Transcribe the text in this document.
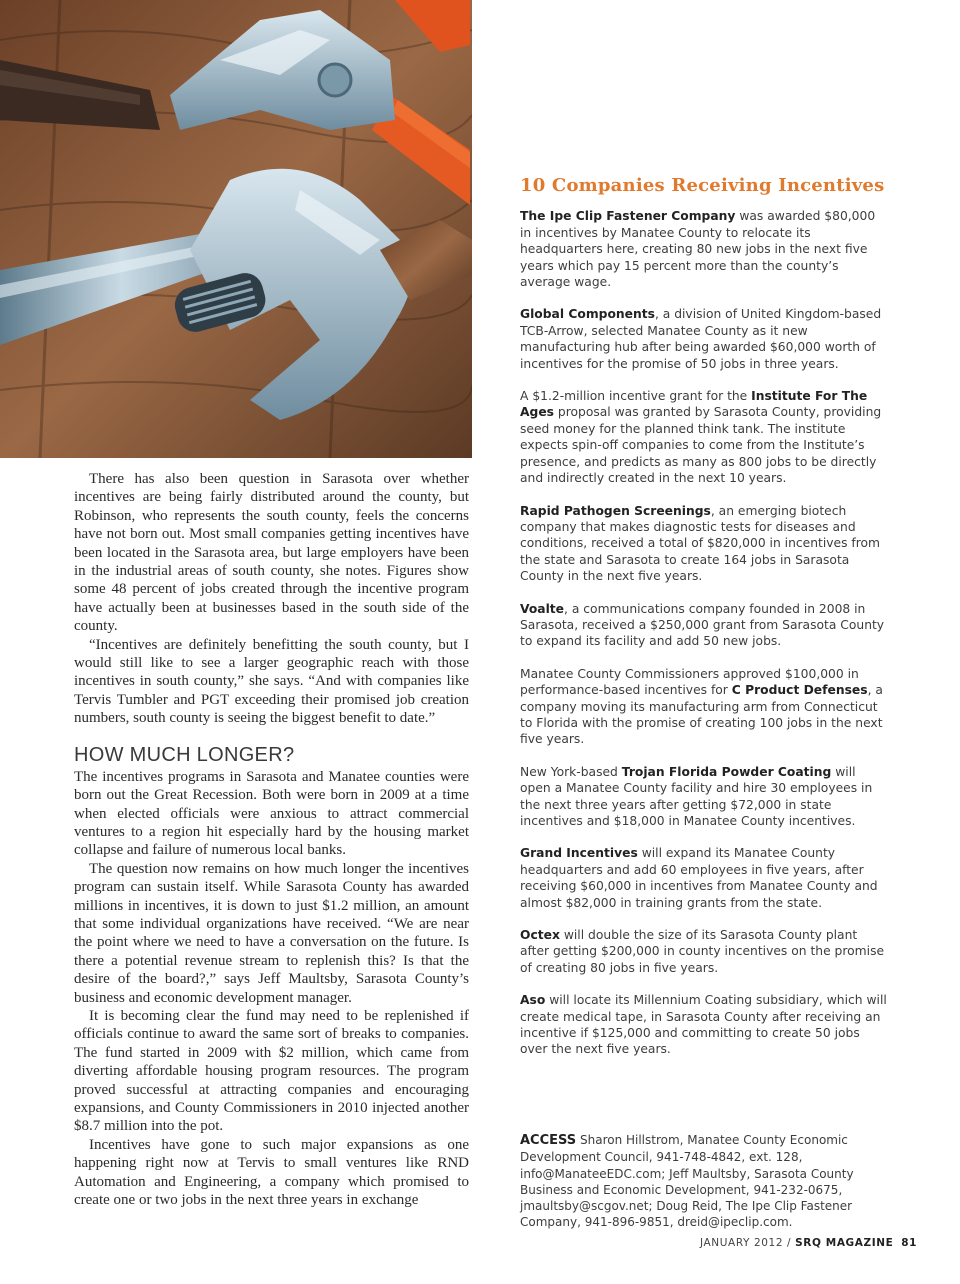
There has also been question in Sarasota over whether incentives are being fairly distributed around the county, but Robinson, who represents the south county, feels the concerns have not born out. Most small companies getting incentives have been located in the Sarasota area, but large employers have been in the industrial areas of south county, she notes. Figures show some 48 percent of jobs created through the incentive program have actually been at businesses based in the south side of the county.

“Incentives are definitely benefitting the south county, but I would still like to see a larger geographic reach with those incentives in south county,” she says. “And with companies like Tervis Tumbler and PGT exceeding their promised job creation numbers, south county is seeing the biggest benefit to date.”

HOW MUCH LONGER?

The incentives programs in Sarasota and Manatee counties were born out the Great Recession. Both were born in 2009 at a time when elected officials were anxious to attract commercial ventures to a region hit especially hard by the housing market collapse and failure of numerous local banks.

The question now remains on how much longer the incentives program can sustain itself. While Sarasota County has awarded millions in incentives, it is down to just $1.2 million, an amount that some individual organizations have received. “We are near the point where we need to have a conversation on the future. Is there a potential revenue stream to replenish this? Is that the desire of the board?,” says Jeff Maultsby, Sarasota County’s business and economic development manager.

It is becoming clear the fund may need to be replenished if officials continue to award the same sort of breaks to companies. The fund started in 2009 with $2 million, which came from diverting affordable housing program resources. The program proved successful at attracting companies and encouraging expansions, and County Commissioners in 2010 injected another $8.7 million into the pot.

Incentives have gone to such major expansions as one happening right now at Tervis to small ventures like RND Automation and Engineering, a company which promised to create one or two jobs in the next three years in exchange

10 Companies Receiving Incentives
The Ipe Clip Fastener Company was awarded $80,000 in incentives by Manatee County to relocate its headquarters here, creating 80 new jobs in the next five years which pay 15 percent more than the county’s average wage.
Global Components, a division of United Kingdom-based TCB-Arrow, selected Manatee County as it new manufacturing hub after being awarded $60,000 worth of incentives for the promise of 50 jobs in three years.
A $1.2-million incentive grant for the Institute For The Ages proposal was granted by Sarasota County, providing seed money for the planned think tank. The institute expects spin-off companies to come from the Institute’s presence, and predicts as many as 800 jobs to be directly and indirectly created in the next 10 years.
Rapid Pathogen Screenings, an emerging biotech company that makes diagnostic tests for diseases and conditions, received a total of $820,000 in incentives from the state and Sarasota to create 164 jobs in Sarasota County in the next five years.
Voalte, a communications company founded in 2008 in Sarasota, received a $250,000 grant from Sarasota County to expand its facility and add 50 new jobs.
Manatee County Commissioners approved $100,000 in performance-based incentives for C Product Defenses, a company moving its manufacturing arm from Connecticut to Florida with the promise of creating 100 jobs in the next five years.
New York-based Trojan Florida Powder Coating will open a Manatee County facility and hire 30 employees in the next three years after getting $72,000 in state incentives and $18,000 in Manatee County incentives.
Grand Incentives will expand its Manatee County headquarters and add 60 employees in five years, after receiving $60,000 in incentives from Manatee County and almost $82,000 in training grants from the state.
Octex will double the size of its Sarasota County plant after getting $200,000 in county incentives on the promise of creating 80 jobs in five years.
Aso will locate its Millennium Coating subsidiary, which will create medical tape, in Sarasota County after receiving an incentive if $125,000 and committing to create 50 jobs over the next five years.
ACCESS Sharon Hillstrom, Manatee County Economic Development Council, 941-748-4842, ext. 128, info@ManateeEDC.com; Jeff Maultsby, Sarasota County Business and Economic Development, 941-232-0675, jmaultsby@scgov.net; Doug Reid, The Ipe Clip Fastener Company, 941-896-9851, dreid@ipeclip.com.
JANUARY 2012 / SRQ MAGAZINE 81
